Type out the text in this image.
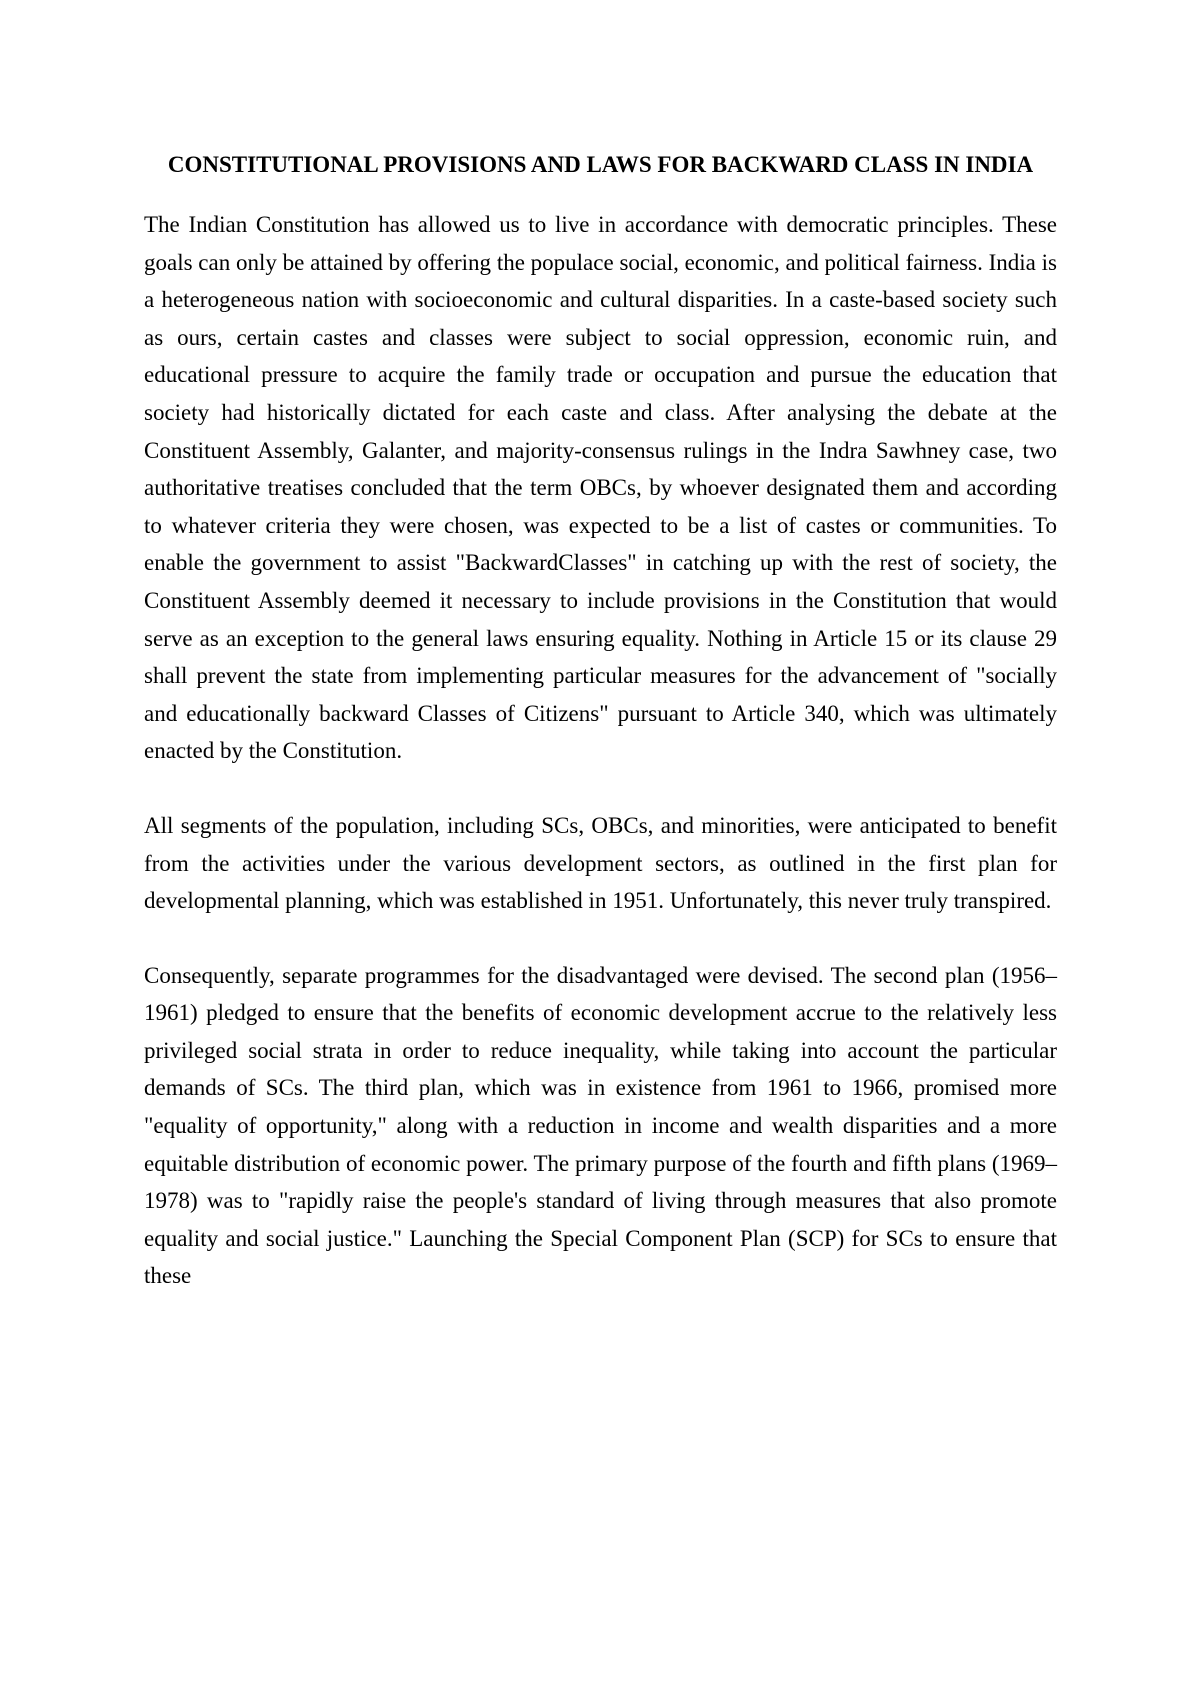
CONSTITUTIONAL PROVISIONS AND LAWS FOR BACKWARD CLASS IN INDIA

The Indian Constitution has allowed us to live in accordance with democratic principles. These goals can only be attained by offering the populace social, economic, and political fairness. India is a heterogeneous nation with socioeconomic and cultural disparities. In a caste-based society such as ours, certain castes and classes were subject to social oppression, economic ruin, and educational pressure to acquire the family trade or occupation and pursue the education that society had historically dictated for each caste and class. After analysing the debate at the Constituent Assembly, Galanter, and majority-consensus rulings in the Indra Sawhney case, two authoritative treatises concluded that the term OBCs, by whoever designated them and according to whatever criteria they were chosen, was expected to be a list of castes or communities. To enable the government to assist "BackwardClasses" in catching up with the rest of society, the Constituent Assembly deemed it necessary to include provisions in the Constitution that would serve as an exception to the general laws ensuring equality. Nothing in Article 15 or its clause 29 shall prevent the state from implementing particular measures for the advancement of "socially and educationally backward Classes of Citizens" pursuant to Article 340, which was ultimately enacted by the Constitution.

All segments of the population, including SCs, OBCs, and minorities, were anticipated to benefit from the activities under the various development sectors, as outlined in the first plan for developmental planning, which was established in 1951. Unfortunately, this never truly transpired.

Consequently, separate programmes for the disadvantaged were devised. The second plan (1956–1961) pledged to ensure that the benefits of economic development accrue to the relatively less privileged social strata in order to reduce inequality, while taking into account the particular demands of SCs. The third plan, which was in existence from 1961 to 1966, promised more "equality of opportunity," along with a reduction in income and wealth disparities and a more equitable distribution of economic power. The primary purpose of the fourth and fifth plans (1969–1978) was to "rapidly raise the people's standard of living through measures that also promote equality and social justice." Launching the Special Component Plan (SCP) for SCs to ensure that these
